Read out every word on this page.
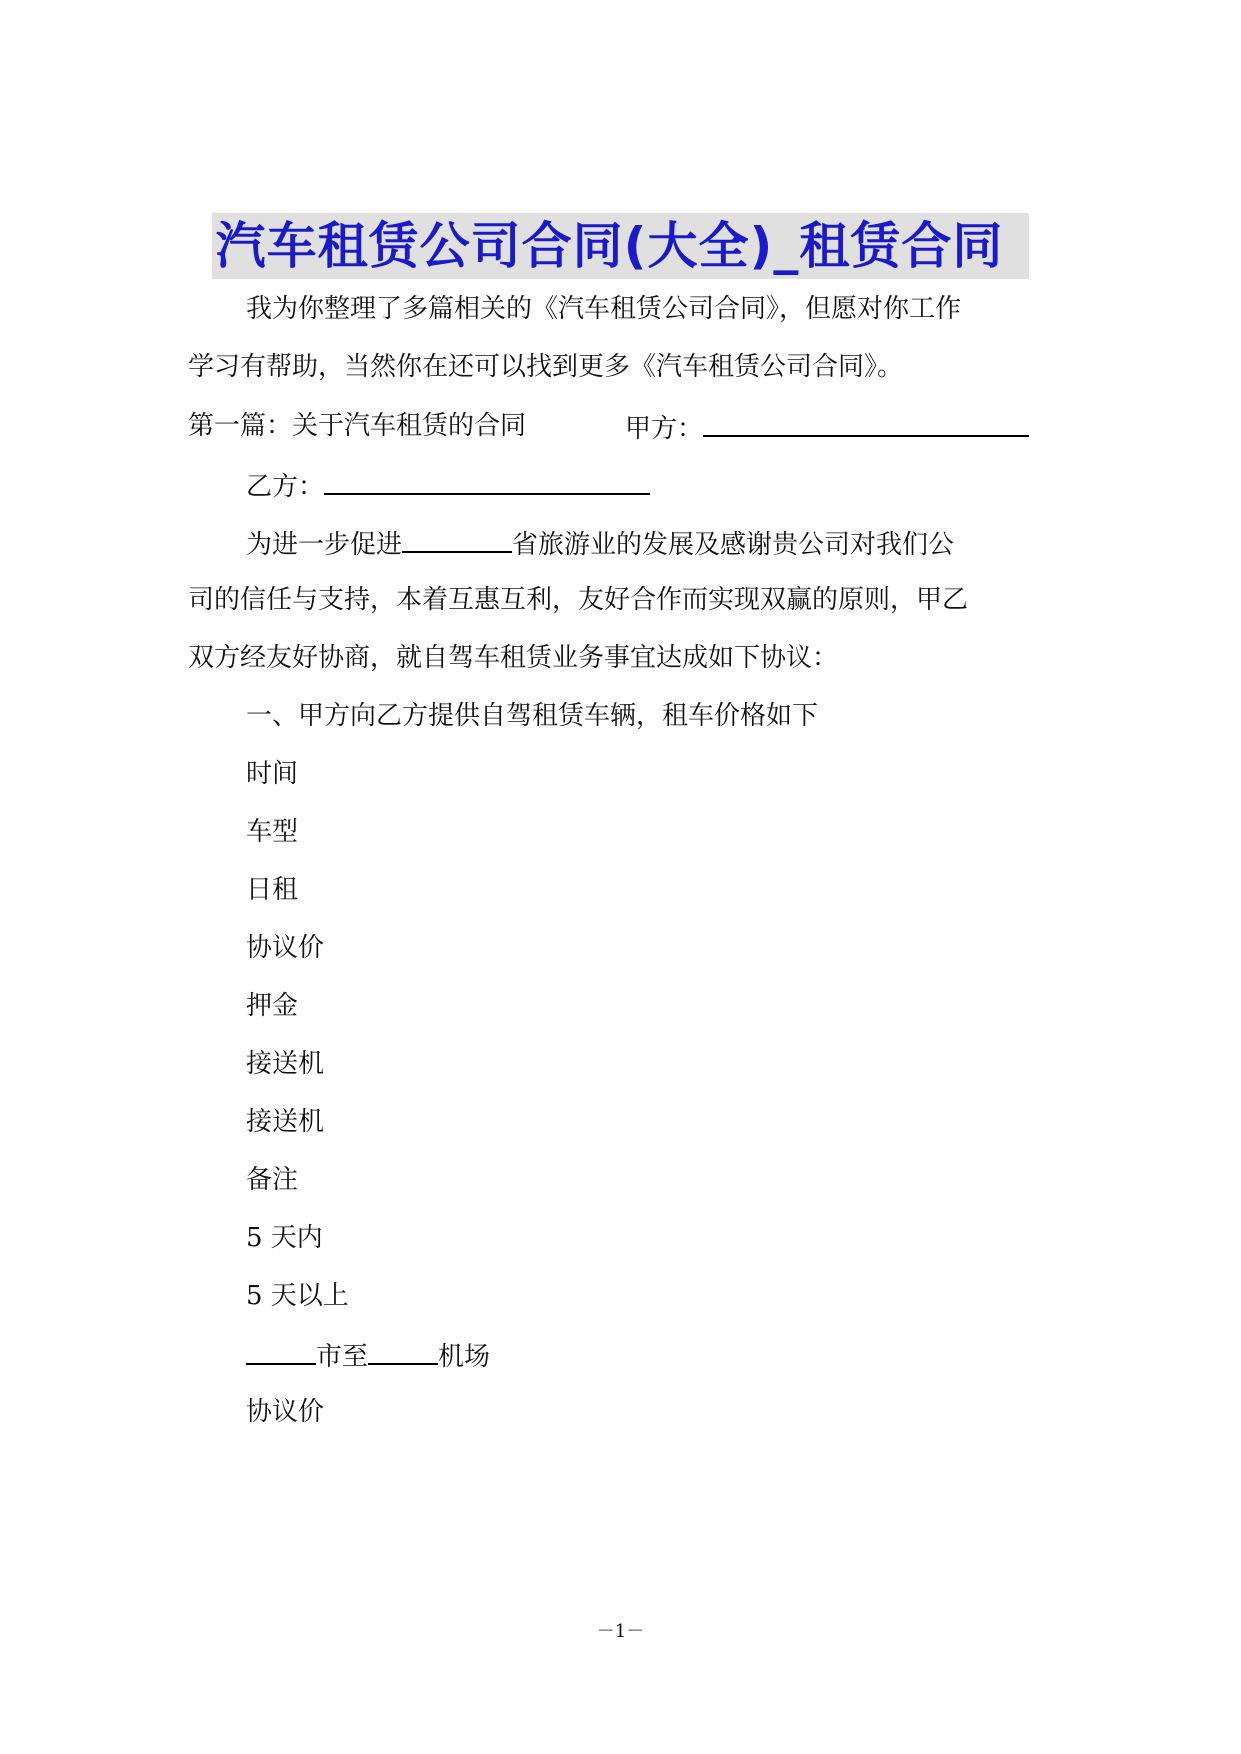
汽车租赁公司合同(大全)_租赁合同
我为你整理了多篇相关的《汽车租赁公司合同》，但愿对你工作
学习有帮助，当然你在还可以找到更多《汽车租赁公司合同》。
第一篇：关于汽车租赁的合同	甲方：
乙方：
为进一步促进	省旅游业的发展及感谢贵公司对我们公
司的信任与支持，本着互惠互利，友好合作而实现双赢的原则，甲乙
双方经友好协商，就自驾车租赁业务事宜达成如下协议：
一、甲方向乙方提供自驾租赁车辆，租车价格如下
时间
车型
日租
协议价
押金
接送机
接送机
备注
5 天内
5 天以上
市至	机场
协议价
－1－
